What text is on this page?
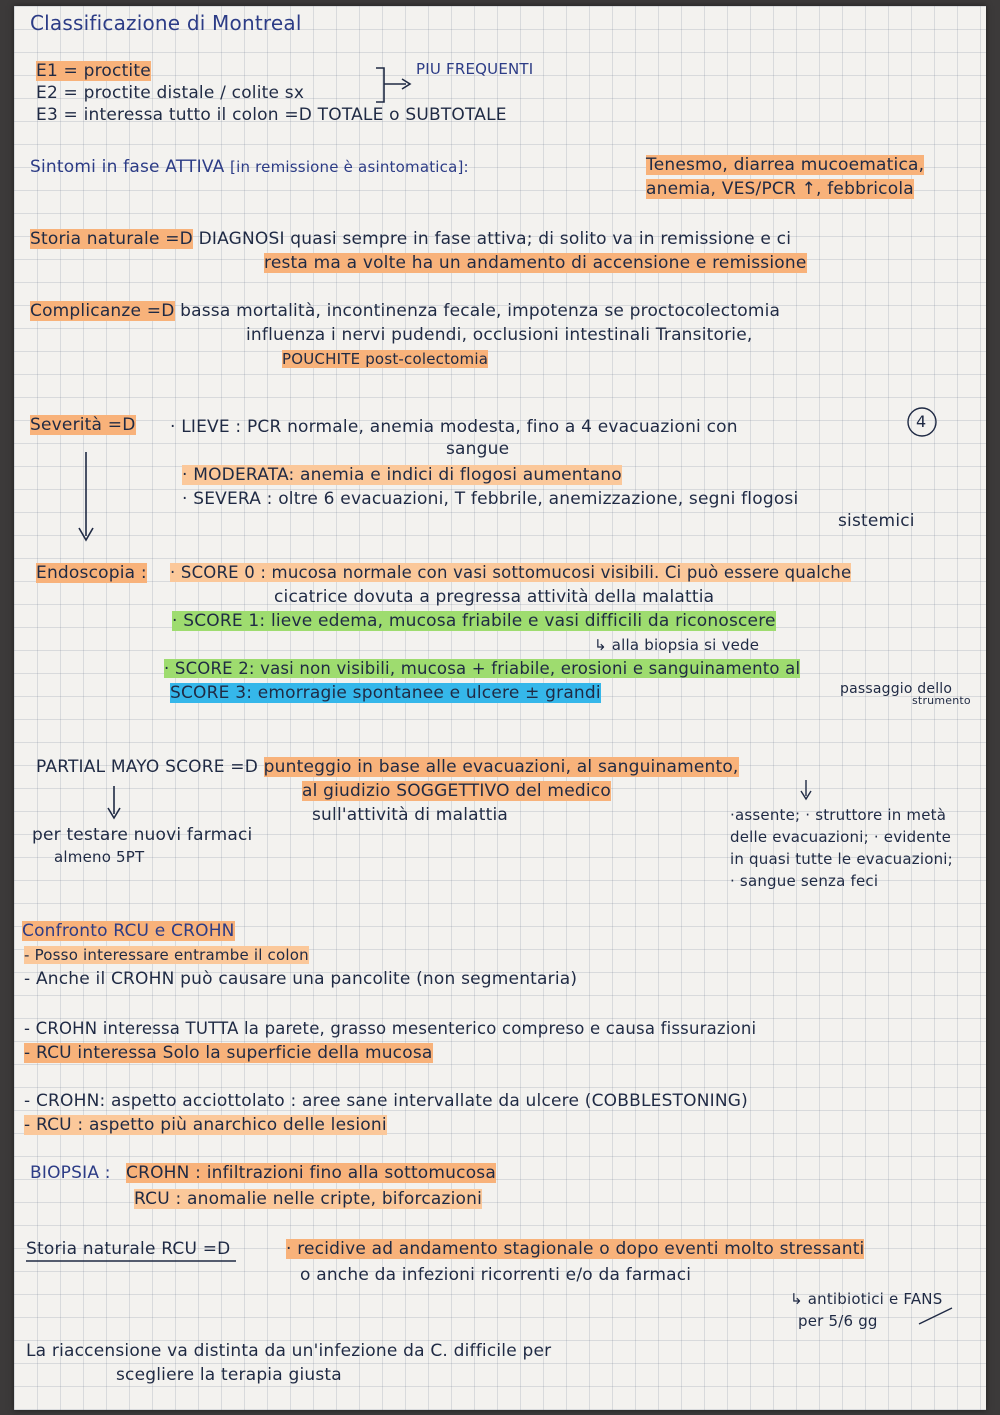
Classificazione di Montreal
E1 = proctite
E2 = proctite distale / colite sx
E3 = interessa tutto il colon =D TOTALE o SUBTOTALE
PIU FREQUENTI
Sintomi in fase ATTIVA [in remissione è asintomatica]:	Tenesmo, diarrea mucoematica,
anemia, VES/PCR ↑, febbricola
Storia naturale =D DIAGNOSI quasi sempre in fase attiva; di solito va in remissione e ci
resta ma a volte ha un andamento di accensione e remissione
Complicanze =D bassa mortalità, incontinenza fecale, impotenza se proctocolectomia
influenza i nervi pudendi, occlusioni intestinali Transitorie,
POUCHITE post-colectomia
Severità =D · LIEVE : PCR normale, anemia modesta, fino a 4 evacuazioni con
sangue
4
· MODERATA: anemia e indici di flogosi aumentano
· SEVERA : oltre 6 evacuazioni, T febbrile, anemizzazione, segni flogosi
sistemici
Endoscopia : · SCORE 0 : mucosa normale con vasi sottomucosi visibili. Ci può essere qualche
cicatrice dovuta a pregressa attività della malattia
· SCORE 1: lieve edema, mucosa friabile e vasi difficili da riconoscere
↳ alla biopsia si vede
· SCORE 2: vasi non visibili, mucosa + friabile, erosioni e sanguinamento al
passaggio dello
strumento
SCORE 3: emorragie spontanee e ulcere ± grandi
PARTIAL MAYO SCORE =D punteggio in base alle evacuazioni, al sanguinamento,
al giudizio SOGGETTIVO del medico
sull'attività di malattia	·assente; · struttore in metà
delle evacuazioni; · evidente
in quasi tutte le evacuazioni;
· sangue senza feci
per testare nuovi farmaci
almeno 5PT
Confronto RCU e CROHN
- Posso interessare entrambe il colon
- Anche il CROHN può causare una pancolite (non segmentaria)
- CROHN interessa TUTTA la parete, grasso mesenterico compreso e causa fissurazioni
- RCU interessa Solo la superficie della mucosa
- CROHN: aspetto acciottolato : aree sane intervallate da ulcere (COBBLESTONING)
- RCU : aspetto più anarchico delle lesioni
BIOPSIA : CROHN : infiltrazioni fino alla sottomucosa
RCU : anomalie nelle cripte, biforcazioni
Storia naturale RCU =D	· recidive ad andamento stagionale o dopo eventi molto stressanti
o anche da infezioni ricorrenti e/o da farmaci
↳ antibiotici e FANS
per 5/6 gg
La riaccensione va distinta da un'infezione da C. difficile per
scegliere la terapia giusta
